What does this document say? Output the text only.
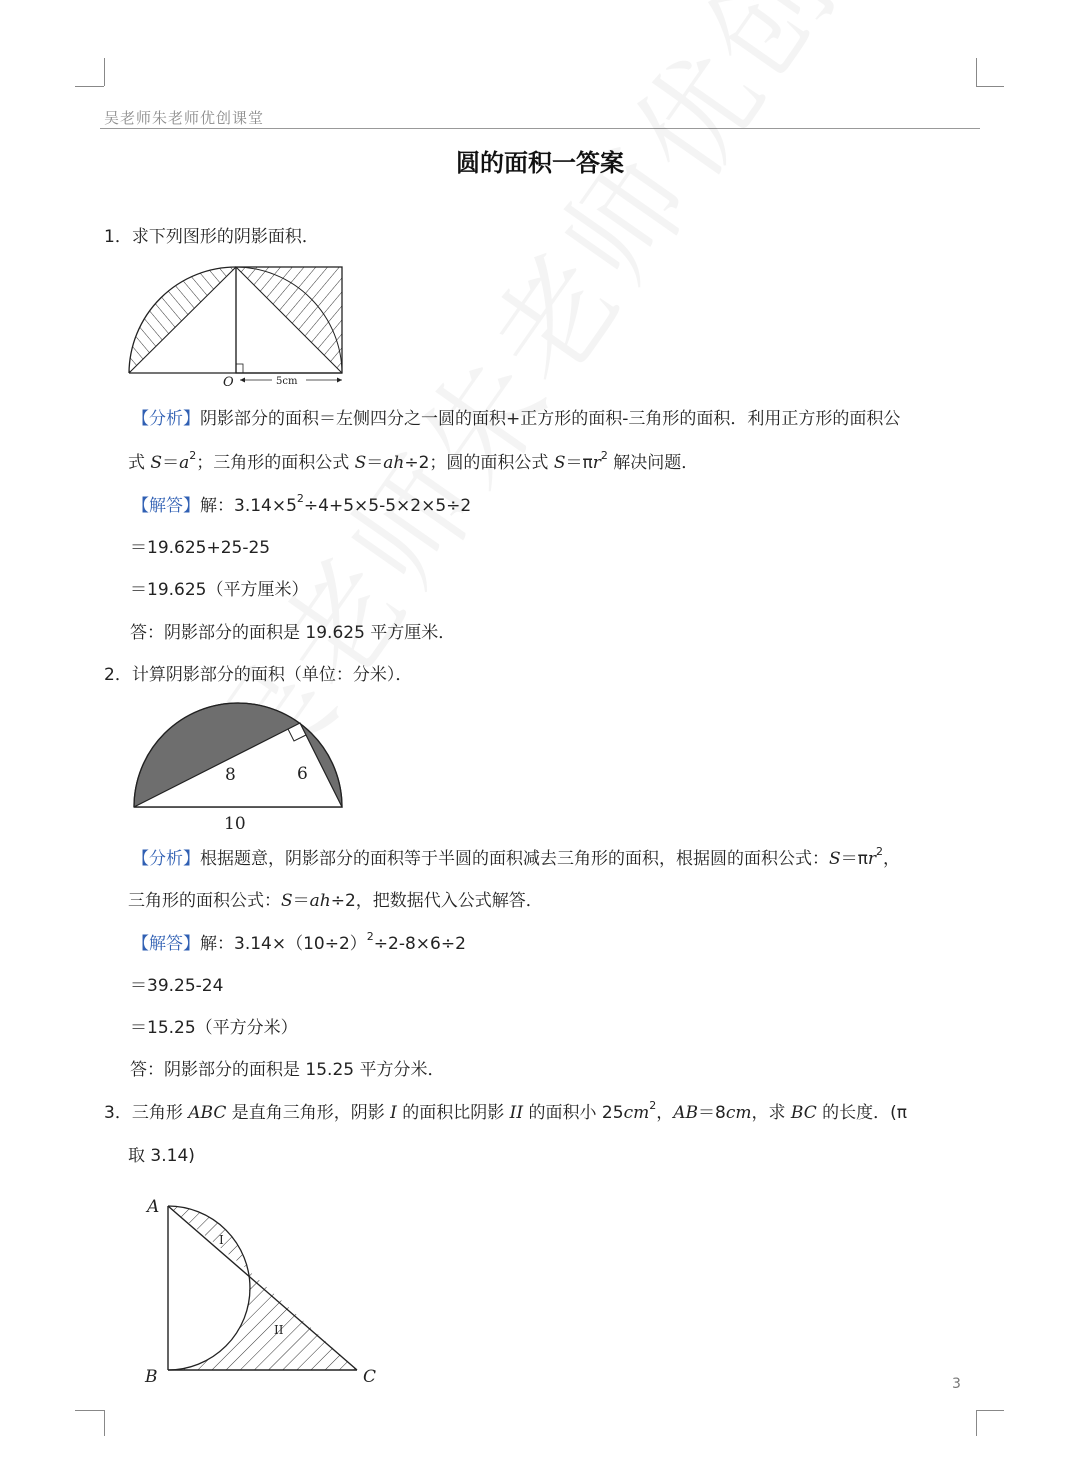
吴老师朱老师优创课堂
圆的面积一答案
1．求下列图形的阴影面积．
O	5cm
【分析】阴影部分的面积＝左侧四分之一圆的面积+正方形的面积-三角形的面积．利用正方形的面积公
式 $S=a^2$；三角形的面积公式 S＝ah÷2；圆的面积公式 $S=\pi r^2$ 解决问题．
【解答】解：$3.14\times 5^2\div 4+5\times 5-5\times 2\times 5\div 2$
＝19.625+25-25
＝19.625（平方厘米）
答：阴影部分的面积是 19.625 平方厘米．
2．计算阴影部分的面积（单位：分米）．
8	6
10
【分析】根据题意，阴影部分的面积等于半圆的面积减去三角形的面积，根据圆的面积公式：$S=\pi r^2$，
三角形的面积公式：S＝ah÷2，把数据代入公式解答．
【解答】解：$3.14\times(10\div 2)^2\div 2-8\times 6\div 2$
＝39.25-24
＝15.25（平方分米）
答：阴影部分的面积是 15.25 平方分米．
3．三角形 ABC 是直角三角形，阴影 I 的面积比阴影 II 的面积小 $25cm^2$，AB＝8cm，求 BC 的长度．(π
取 3.14)
A
B	C
I
II
3
